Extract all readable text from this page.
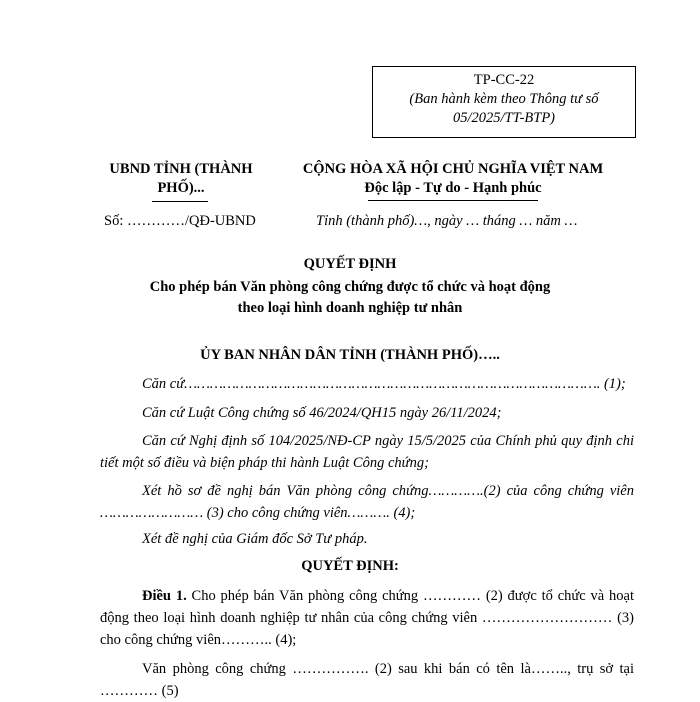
TP-CC-22
(Ban hành kèm theo Thông tư số
05/2025/TT-BTP)
UBND TỈNH (THÀNH
PHỐ)...
Số: …………/QĐ-UBND
CỘNG HÒA XÃ HỘI CHỦ NGHĨA VIỆT NAM
Độc lập - Tự do - Hạnh phúc
Tỉnh (thành phố)…, ngày … tháng … năm …
QUYẾT ĐỊNH
Cho phép bán Văn phòng công chứng được tổ chức và hoạt động
theo loại hình doanh nghiệp tư nhân
ỦY BAN NHÂN DÂN TỈNH (THÀNH PHỐ)…..
Căn cứ……………………………………………………………………………………. (1);
Căn cứ Luật Công chứng số 46/2024/QH15 ngày 26/11/2024;
Căn cứ Nghị định số 104/2025/NĐ-CP ngày 15/5/2025 của Chính phủ quy định chi tiết một số điều và biện pháp thi hành Luật Công chứng;
Xét hồ sơ đề nghị bán Văn phòng công chứng………….(2) của công chứng viên …………………… (3) cho công chứng viên………. (4);
Xét đề nghị của Giám đốc Sở Tư pháp.
QUYẾT ĐỊNH:
Điều 1. Cho phép bán Văn phòng công chứng ………… (2) được tổ chức và hoạt động theo loại hình doanh nghiệp tư nhân của công chứng viên ……………………… (3) cho công chứng viên……….. (4);
Văn phòng công chứng ……………. (2) sau khi bán có tên là…….., trụ sở tại ………… (5)
